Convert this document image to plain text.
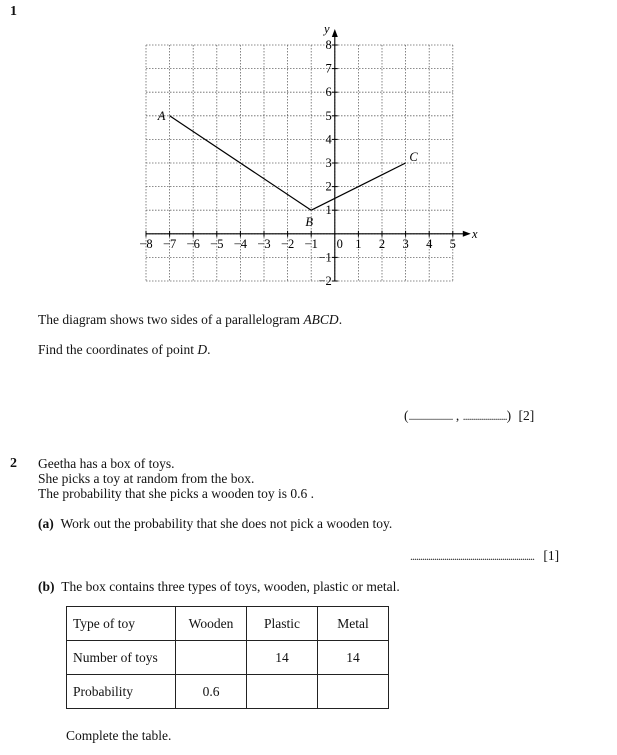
1
−8 −7 −6 −5 −4 −3 −2 −1 0 1 2 3 4 5
8
7
6
5
4
3
2
1
−1
−2
x
y
A
B
C
The diagram shows two sides of a parallelogram ABCD.
Find the coordinates of point D.
(...................... , ......................) [2]
2 Geetha has a box of toys.
She picks a toy at random from the box.
The probability that she picks a wooden toy is 0.6 .
(a) Work out the probability that she does not pick a wooden toy.
.............................................................. [1]
(b) The box contains three types of toys, wooden, plastic or metal.
Type of toy	Wooden	Plastic	Metal
Number of toys		14	14
Probability	0.6		
Complete the table.
